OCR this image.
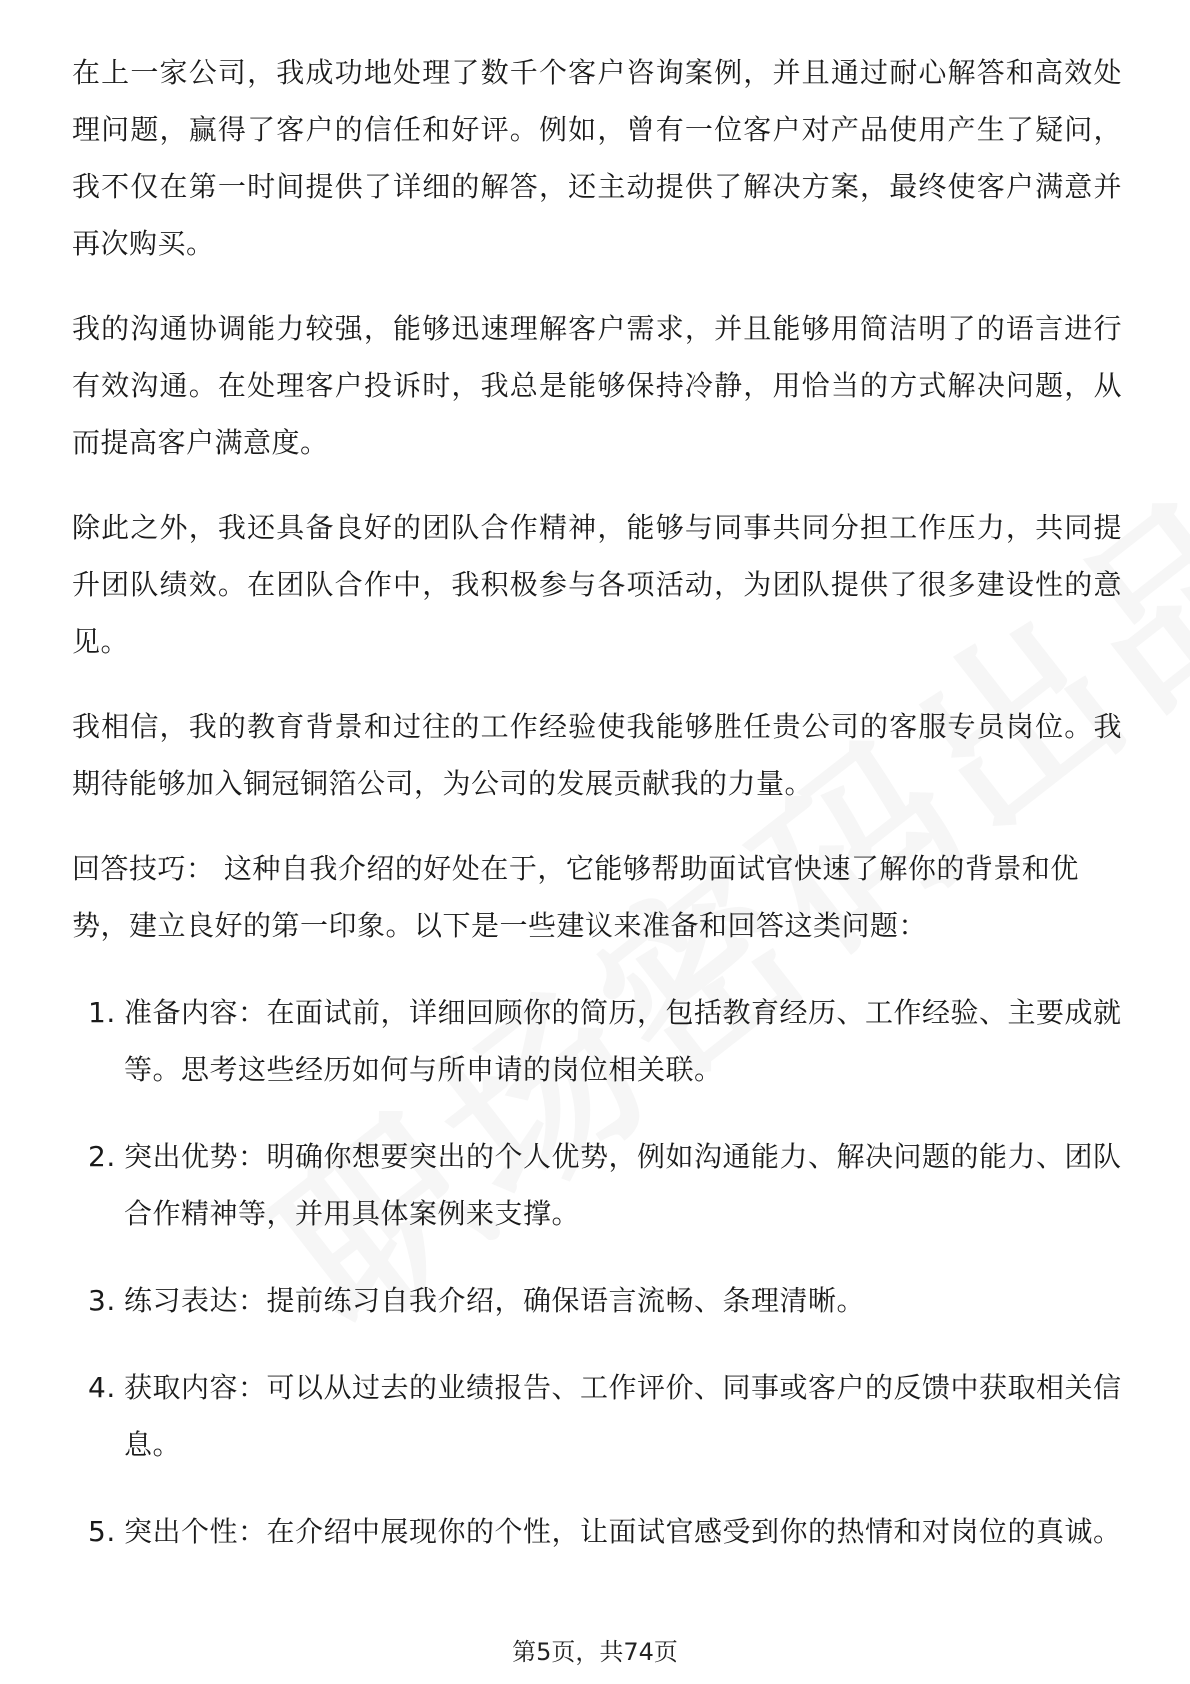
在上一家公司，我成功地处理了数千个客户咨询案例，并且通过耐心解答和高效处理问题，赢得了客户的信任和好评。例如，曾有一位客户对产品使用产生了疑问，我不仅在第一时间提供了详细的解答，还主动提供了解决方案，最终使客户满意并再次购买。

我的沟通协调能力较强，能够迅速理解客户需求，并且能够用简洁明了的语言进行有效沟通。在处理客户投诉时，我总是能够保持冷静，用恰当的方式解决问题，从而提高客户满意度。

除此之外，我还具备良好的团队合作精神，能够与同事共同分担工作压力，共同提升团队绩效。在团队合作中，我积极参与各项活动，为团队提供了很多建设性的意见。

我相信，我的教育背景和过往的工作经验使我能够胜任贵公司的客服专员岗位。我期待能够加入铜冠铜箔公司，为公司的发展贡献我的力量。

回答技巧： 这种自我介绍的好处在于，它能够帮助面试官快速了解你的背景和优势，建立良好的第一印象。以下是一些建议来准备和回答这类问题：

1. 准备内容：在面试前，详细回顾你的简历，包括教育经历、工作经验、主要成就等。思考这些经历如何与所申请的岗位相关联。
2. 突出优势：明确你想要突出的个人优势，例如沟通能力、解决问题的能力、团队合作精神等，并用具体案例来支撑。
3. 练习表达：提前练习自我介绍，确保语言流畅、条理清晰。
4. 获取内容：可以从过去的业绩报告、工作评价、同事或客户的反馈中获取相关信息。
5. 突出个性：在介绍中展现你的个性，让面试官感受到你的热情和对岗位的真诚。
第5页，共74页
